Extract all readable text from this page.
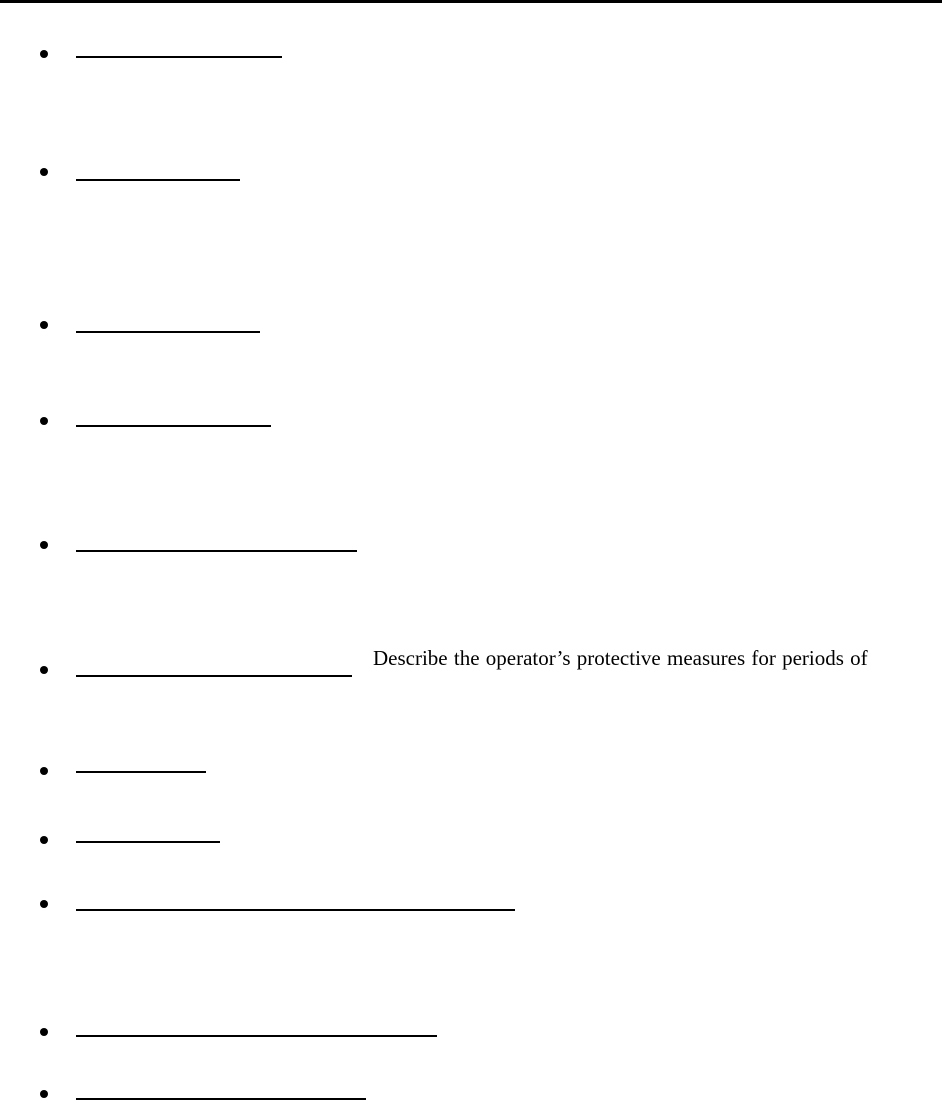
Describe the operator’s protective measures for periods of
